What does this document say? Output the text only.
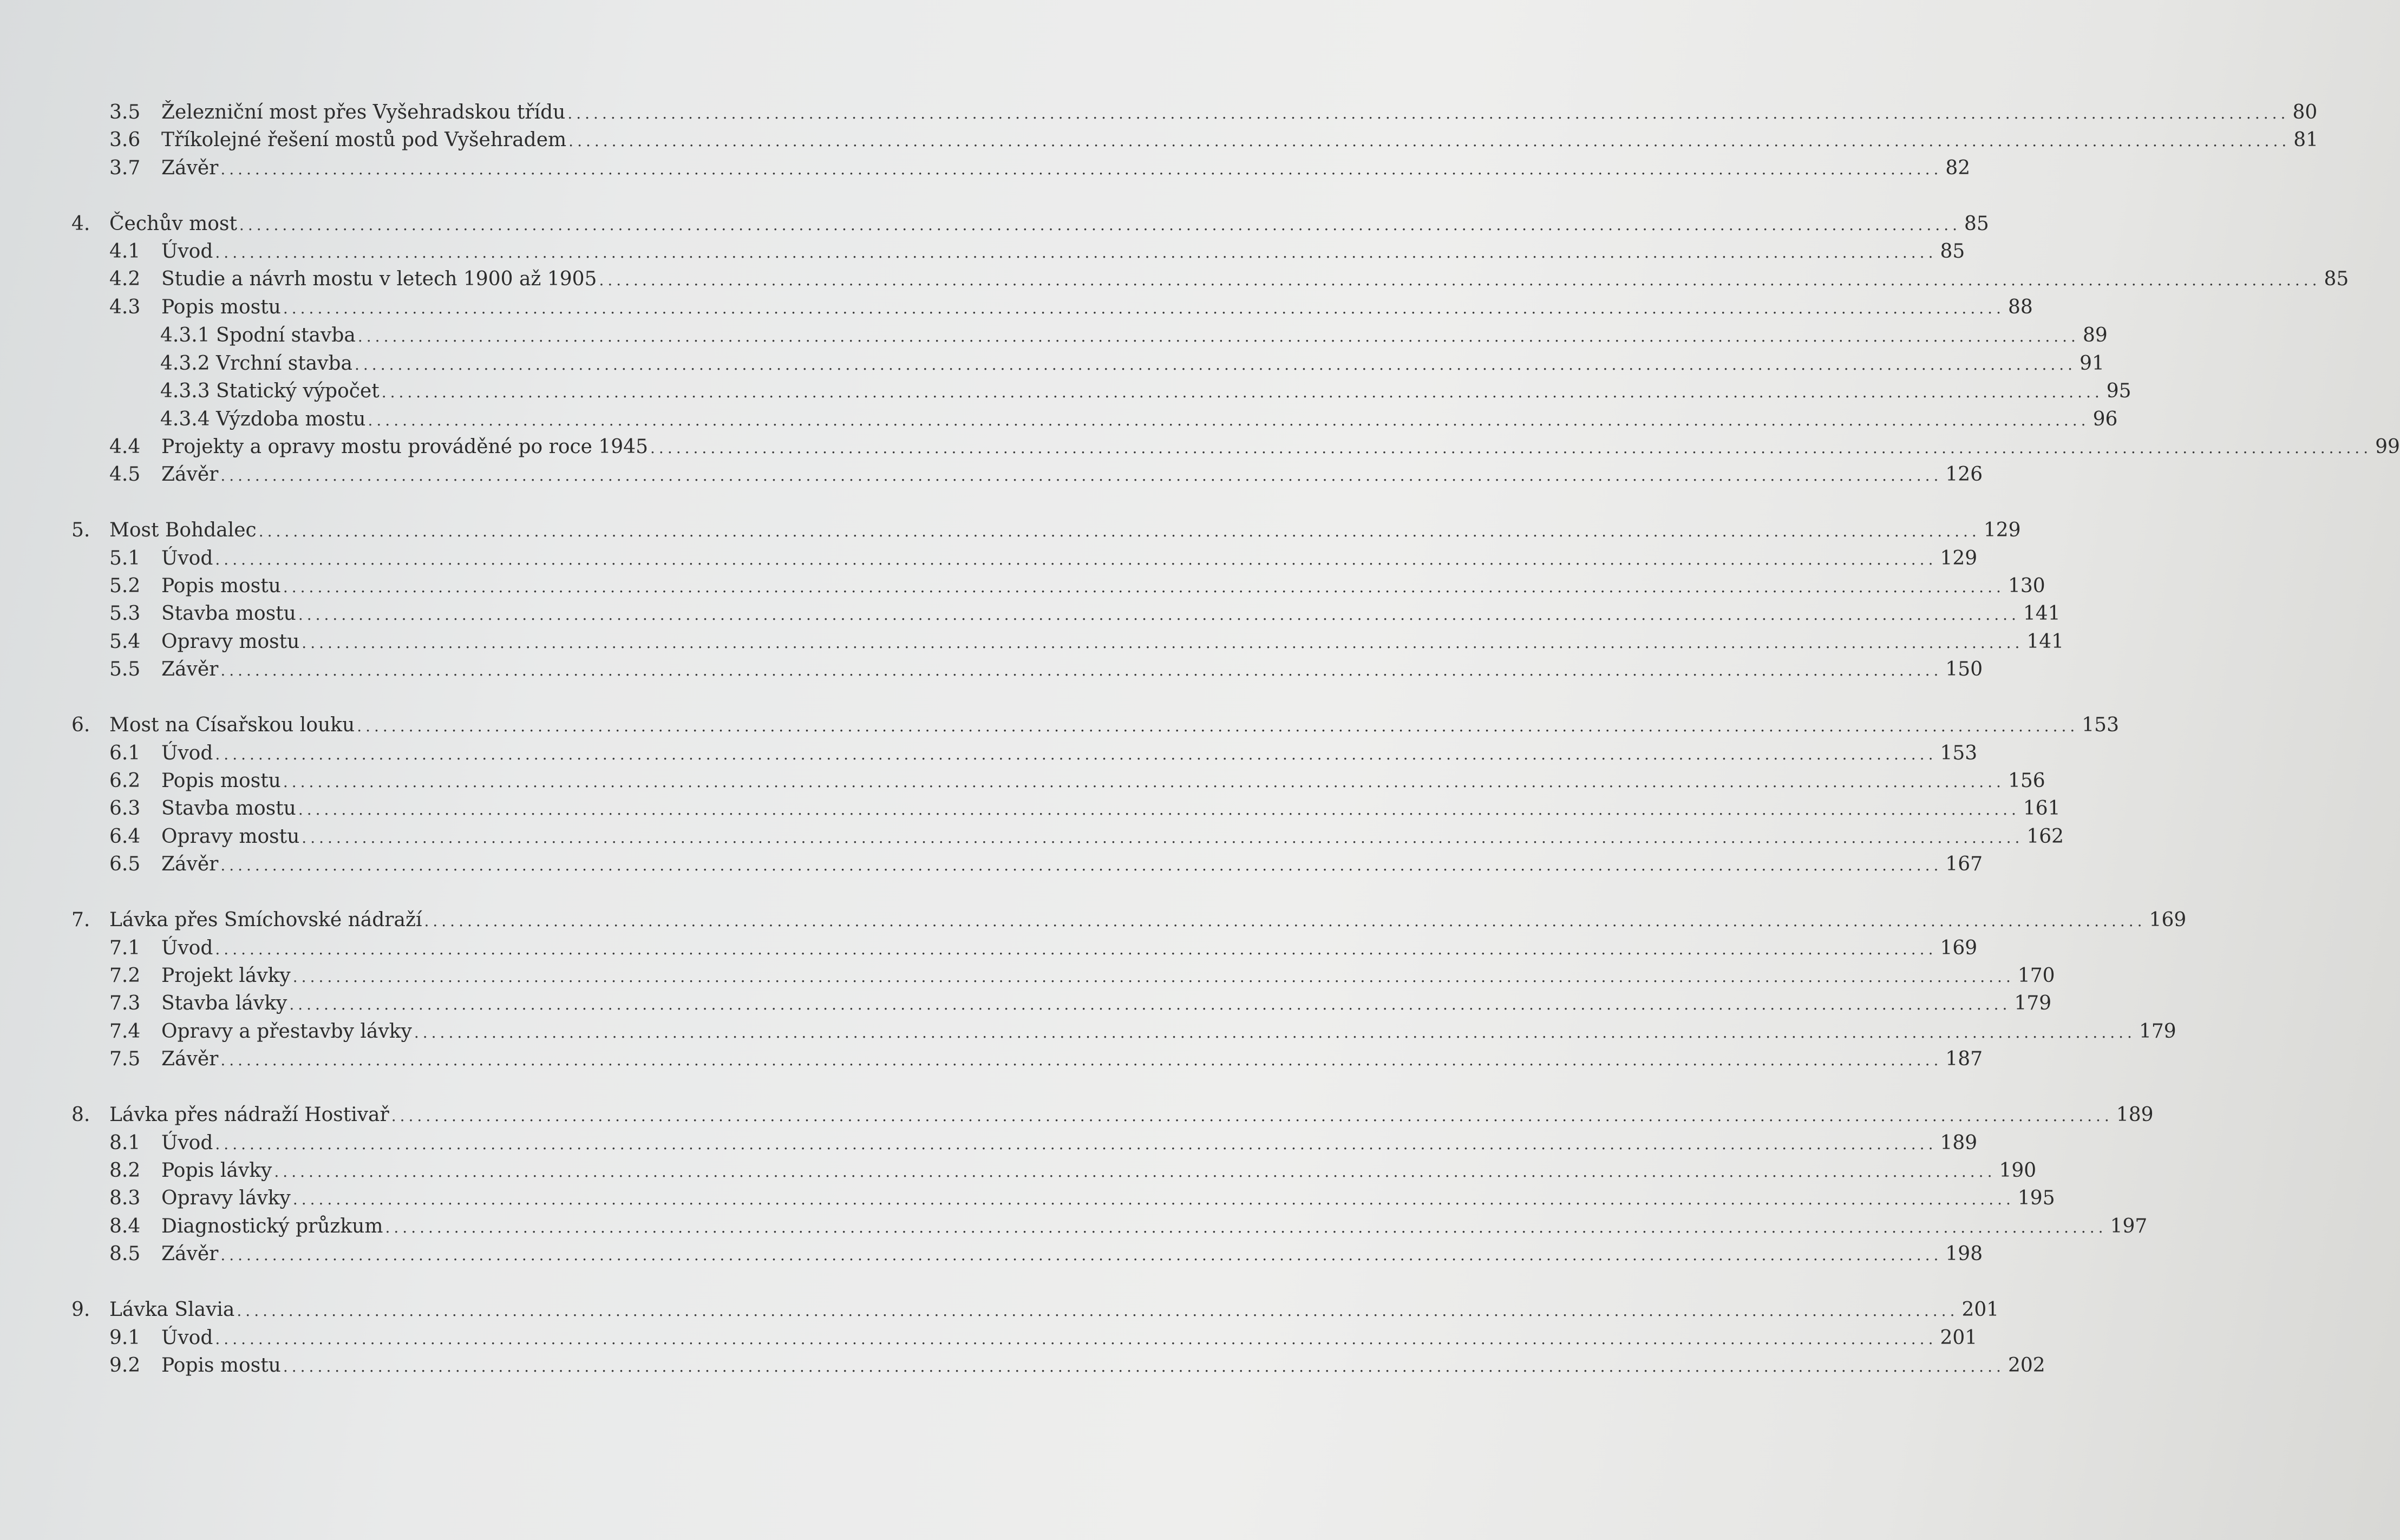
3.5	Železniční most přes Vyšehradskou třídu ........................................................................................................................................................................................................ 80
3.6	Tříkolejné řešení mostů pod Vyšehradem ........................................................................................................................................................................................................ 81
3.7	Závěr ........................................................................................................................................................................................................ 82
4. Čechův most ........................................................................................................................................................................................................ 85
4.1	Úvod ........................................................................................................................................................................................................ 85
4.2	Studie a návrh mostu v letech 1900 až 1905 ........................................................................................................................................................................................................ 85
4.3	Popis mostu ........................................................................................................................................................................................................ 88
4.3.1 Spodní stavba ........................................................................................................................................................................................................ 89
4.3.2 Vrchní stavba ........................................................................................................................................................................................................ 91
4.3.3 Statický výpočet ........................................................................................................................................................................................................ 95
4.3.4 Výzdoba mostu ........................................................................................................................................................................................................ 96
4.4	Projekty a opravy mostu prováděné po roce 1945 ........................................................................................................................................................................................................ 99
4.5	Závěr ........................................................................................................................................................................................................ 126
5. Most Bohdalec ........................................................................................................................................................................................................ 129
5.1	Úvod ........................................................................................................................................................................................................ 129
5.2	Popis mostu ........................................................................................................................................................................................................ 130
5.3	Stavba mostu ........................................................................................................................................................................................................ 141
5.4	Opravy mostu ........................................................................................................................................................................................................ 141
5.5	Závěr ........................................................................................................................................................................................................ 150
6. Most na Císařskou louku ........................................................................................................................................................................................................ 153
6.1	Úvod ........................................................................................................................................................................................................ 153
6.2	Popis mostu ........................................................................................................................................................................................................ 156
6.3	Stavba mostu ........................................................................................................................................................................................................ 161
6.4	Opravy mostu ........................................................................................................................................................................................................ 162
6.5	Závěr ........................................................................................................................................................................................................ 167
7. Lávka přes Smíchovské nádraží ........................................................................................................................................................................................................ 169
7.1	Úvod ........................................................................................................................................................................................................ 169
7.2	Projekt lávky ........................................................................................................................................................................................................ 170
7.3	Stavba lávky ........................................................................................................................................................................................................ 179
7.4	Opravy a přestavby lávky ........................................................................................................................................................................................................ 179
7.5	Závěr ........................................................................................................................................................................................................ 187
8. Lávka přes nádraží Hostivař ........................................................................................................................................................................................................ 189
8.1	Úvod ........................................................................................................................................................................................................ 189
8.2	Popis lávky ........................................................................................................................................................................................................ 190
8.3	Opravy lávky ........................................................................................................................................................................................................ 195
8.4	Diagnostický průzkum ........................................................................................................................................................................................................ 197
8.5	Závěr ........................................................................................................................................................................................................ 198
9. Lávka Slavia ........................................................................................................................................................................................................ 201
9.1	Úvod ........................................................................................................................................................................................................ 201
9.2	Popis mostu ........................................................................................................................................................................................................ 202
